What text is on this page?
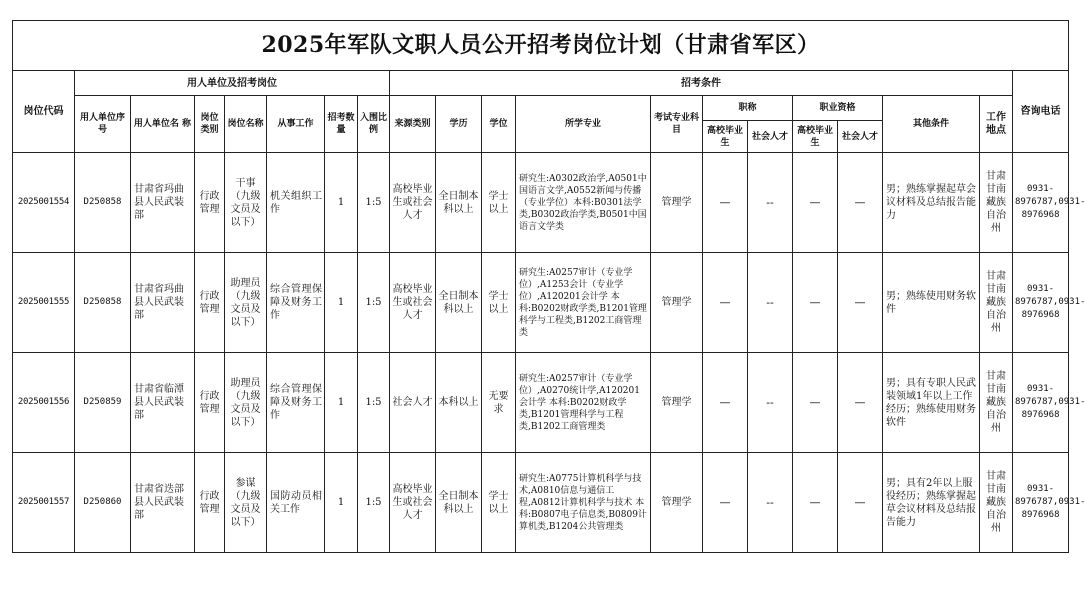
2025年军队文职人员公开招考岗位计划（甘肃省军区）																			
岗位代码	用人单位及招考岗位							招考条件											咨询电话
	用人单位序 号	用人单位名 称	岗位类别	岗位名称	从事工作	招考数量	入围比例	来源类别	学历	学位	所学专业	考试专业科目	职称		职业资格		其他条件	工作地点	
													高校毕业生	社会人才	高校毕业生	社会人才			
2025001554	D250858	甘肃省玛曲县人民武装部	行政管理	干事（九级文员及以下）	机关组织工作	1	1:5	高校毕业生或社会人才	全日制本科以上	学士以上	研究生:A0302政治学,A0501中国语言文学,A0552新闻与传播（专业学位）本科:B0301法学类,B0302政治学类,B0501中国语言文学类	管理学	—	--	—	—	男；熟练掌握起草会议材料及总结报告能力	甘肃甘南藏族自治州	0931-8976787,0931-8976968
2025001555	D250858	甘肃省玛曲县人民武装部	行政管理	助理员（九级文员及以下）	综合管理保障及财务工作	1	1:5	高校毕业生或社会人才	全日制本科以上	学士以上	研究生:A0257审计（专业学位）,A1253会计（专业学位）,A120201会计学 本科:B0202财政学类,B1201管理科学与工程类,B1202工商管理类	管理学	—	--	—	—	男；熟练使用财务软件	甘肃甘南藏族自治州	0931-8976787,0931-8976968
2025001556	D250859	甘肃省临潭县人民武装部	行政管理	助理员（九级文员及以下）	综合管理保障及财务工作	1	1:5	社会人才	本科以上	无要求	研究生:A0257审计（专业学位）,A0270统计学,A120201会计学 本科:B0202财政学类,B1201管理科学与工程类,B1202工商管理类	管理学	—	--	—	—	男；具有专职人民武装领域1年以上工作经历；熟练使用财务软件	甘肃甘南藏族自治州	0931-8976787,0931-8976968
2025001557	D250860	甘肃省迭部县人民武装部	行政管理	参谋（九级文员及以下）	国防动员相关工作	1	1:5	高校毕业生或社会人才	全日制本科以上	学士以上	研究生:A0775计算机科学与技术,A0810信息与通信工程,A0812计算机科学与技术 本科:B0807电子信息类,B0809计算机类,B1204公共管理类	管理学	—	--	—	—	男；具有2年以上服役经历；熟练掌握起草会议材料及总结报告能力	甘肃甘南藏族自治州	0931-8976787,0931-8976968
